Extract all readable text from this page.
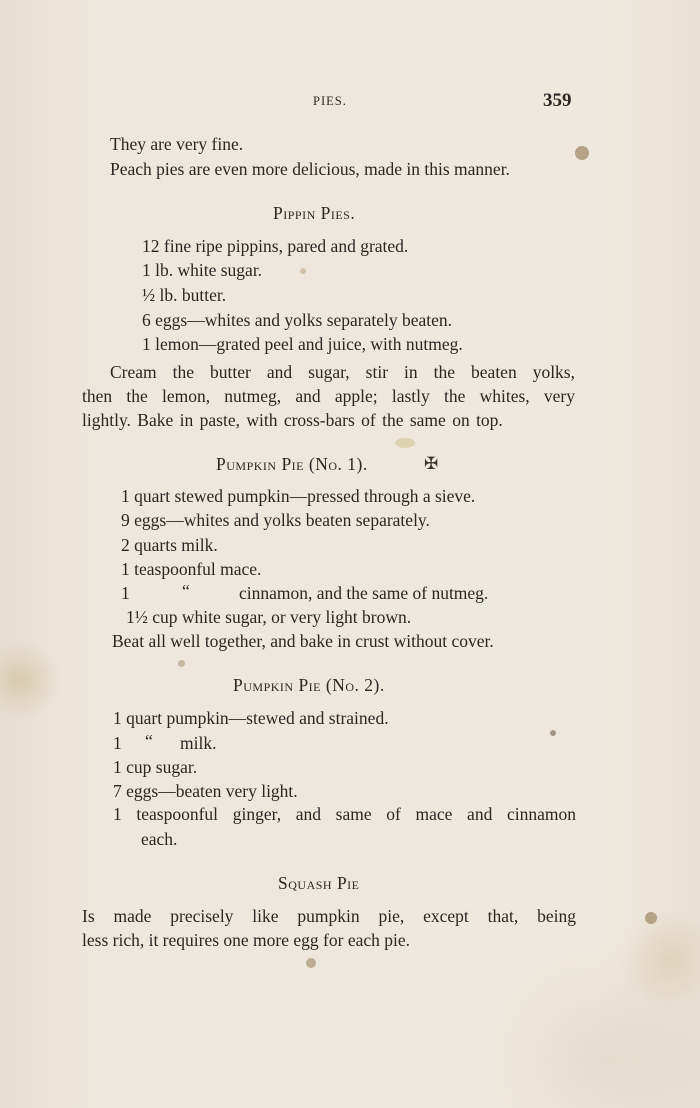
PIES.	359
They are very fine.
Peach pies are even more delicious, made in this manner.
Pippin Pies.
12 fine ripe pippins, pared and grated.
1 lb. white sugar.
½ lb. butter.
6 eggs—whites and yolks separately beaten.
1 lemon—grated peel and juice, with nutmeg.
Cream the butter and sugar, stir in the beaten yolks,
then the lemon, nutmeg, and apple; lastly the whites, very
lightly. Bake in paste, with cross-bars of the same on top.
Pumpkin Pie (No. 1).	✠
1 quart stewed pumpkin—pressed through a sieve.
9 eggs—whites and yolks beaten separately.
2 quarts milk.
1 teaspoonful mace.
1	“	cinnamon, and the same of nutmeg.
1½ cup white sugar, or very light brown.
Beat all well together, and bake in crust without cover.
Pumpkin Pie (No. 2).
1 quart pumpkin—stewed and strained.
1 “ milk.
1 cup sugar.
7 eggs—beaten very light.
1 teaspoonful ginger, and same of mace and cinnamon
each.
Squash Pie
Is made precisely like pumpkin pie, except that, being
less rich, it requires one more egg for each pie.
